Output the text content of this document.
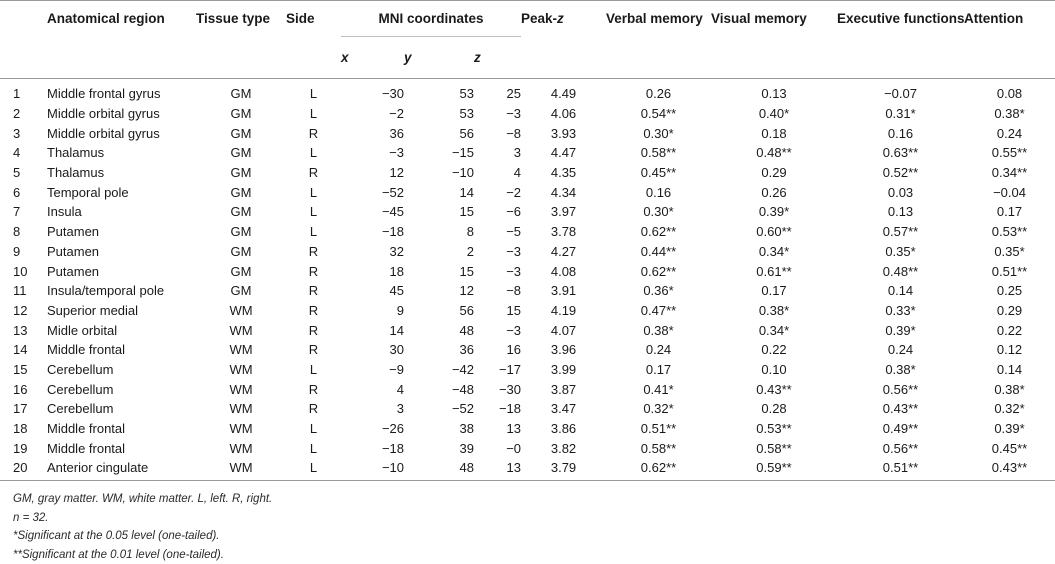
	Anatomical region	Tissue type	Side	MNI coordinates			Peak-z	Verbal memory	Visual memory	Executive functions	Attention
				x	y	z					

1	Middle frontal gyrus	GM	L	−30	53	25	4.49	0.26	0.13	−0.07	0.08
2	Middle orbital gyrus	GM	L	−2	53	−3	4.06	0.54**	0.40*	0.31*	0.38*
3	Middle orbital gyrus	GM	R	36	56	−8	3.93	0.30*	0.18	0.16	0.24
4	Thalamus	GM	L	−3	−15	3	4.47	0.58**	0.48**	0.63**	0.55**
5	Thalamus	GM	R	12	−10	4	4.35	0.45**	0.29	0.52**	0.34**
6	Temporal pole	GM	L	−52	14	−2	4.34	0.16	0.26	0.03	−0.04
7	Insula	GM	L	−45	15	−6	3.97	0.30*	0.39*	0.13	0.17
8	Putamen	GM	L	−18	8	−5	3.78	0.62**	0.60**	0.57**	0.53**
9	Putamen	GM	R	32	2	−3	4.27	0.44**	0.34*	0.35*	0.35*
10	Putamen	GM	R	18	15	−3	4.08	0.62**	0.61**	0.48**	0.51**
11	Insula/temporal pole	GM	R	45	12	−8	3.91	0.36*	0.17	0.14	0.25
12	Superior medial	WM	R	9	56	15	4.19	0.47**	0.38*	0.33*	0.29
13	Midle orbital	WM	R	14	48	−3	4.07	0.38*	0.34*	0.39*	0.22
14	Middle frontal	WM	R	30	36	16	3.96	0.24	0.22	0.24	0.12
15	Cerebellum	WM	L	−9	−42	−17	3.99	0.17	0.10	0.38*	0.14
16	Cerebellum	WM	R	4	−48	−30	3.87	0.41*	0.43**	0.56**	0.38*
17	Cerebellum	WM	R	3	−52	−18	3.47	0.32*	0.28	0.43**	0.32*
18	Middle frontal	WM	L	−26	38	13	3.86	0.51**	0.53**	0.49**	0.39*
19	Middle frontal	WM	L	−18	39	−0	3.82	0.58**	0.58**	0.56**	0.45**
20	Anterior cingulate	WM	L	−10	48	13	3.79	0.62**	0.59**	0.51**	0.43**
GM, gray matter. WM, white matter. L, left. R, right.
n = 32.
*Significant at the 0.05 level (one-tailed).
**Significant at the 0.01 level (one-tailed).
